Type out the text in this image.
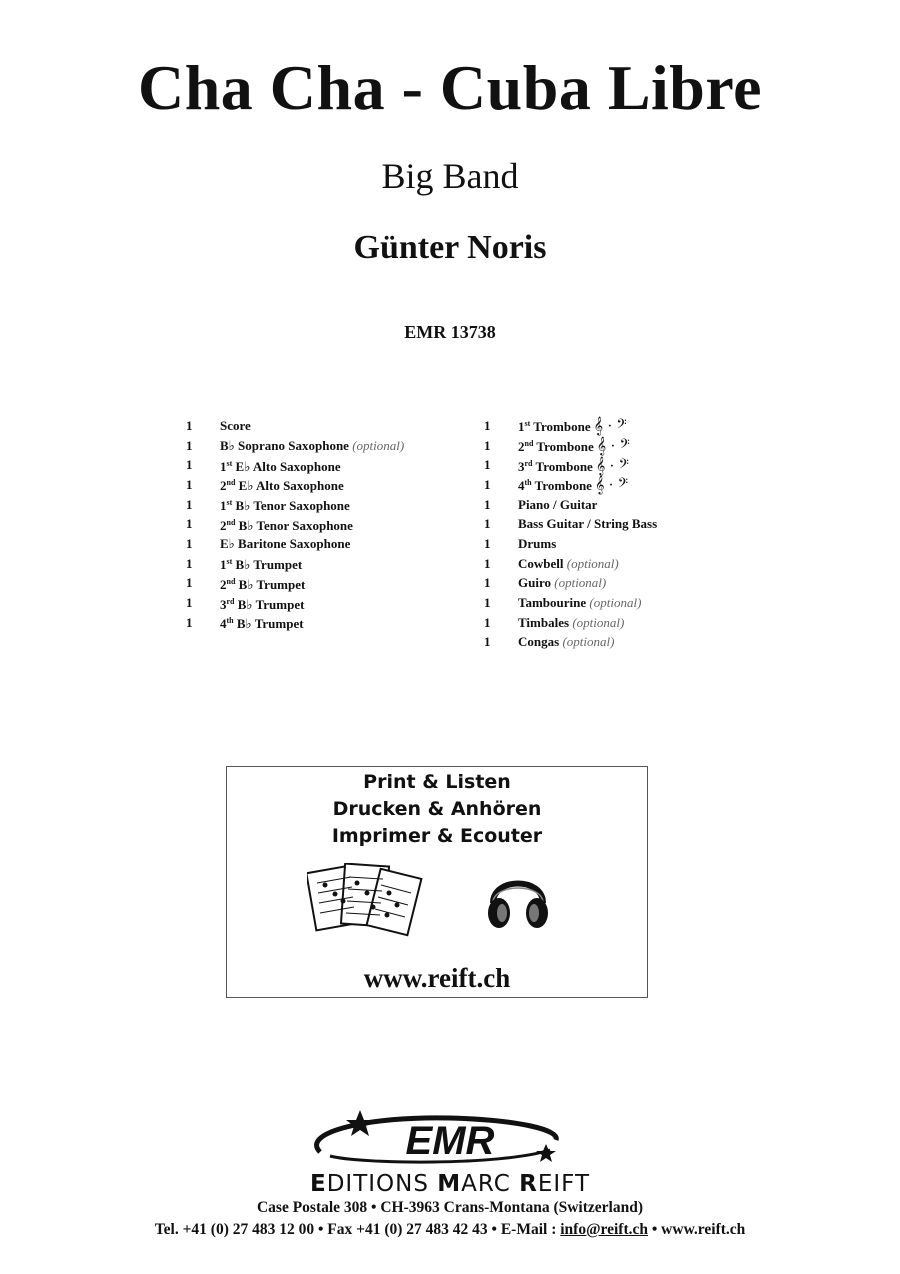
Cha Cha - Cuba Libre
Big Band
Günter Noris
EMR 13738
1	Score
1	B♭ Soprano Saxophone (optional)
1	1st E♭ Alto Saxophone
1	2nd E♭ Alto Saxophone
1	1st B♭ Tenor Saxophone
1	2nd B♭ Tenor Saxophone
1	E♭ Baritone Saxophone
1	1st B♭ Trumpet
1	2nd B♭ Trumpet
1	3rd B♭ Trumpet
1	4th B♭ Trumpet
1	1st Trombone 𝄞 · 𝄢
1	2nd Trombone 𝄞 · 𝄢
1	3rd Trombone 𝄞 · 𝄢
1	4th Trombone 𝄞 · 𝄢
1	Piano / Guitar
1	Bass Guitar / String Bass
1	Drums
1	Cowbell (optional)
1	Guiro (optional)
1	Tambourine (optional)
1	Timbales (optional)
1	Congas (optional)
Print & Listen
Drucken & Anhören
Imprimer & Ecouter
www.reift.ch
EMR
EDITIONS MARC REIFT
Case Postale 308 • CH-3963 Crans-Montana (Switzerland)
Tel. +41 (0) 27 483 12 00 • Fax +41 (0) 27 483 42 43 • E-Mail : info@reift.ch • www.reift.ch
